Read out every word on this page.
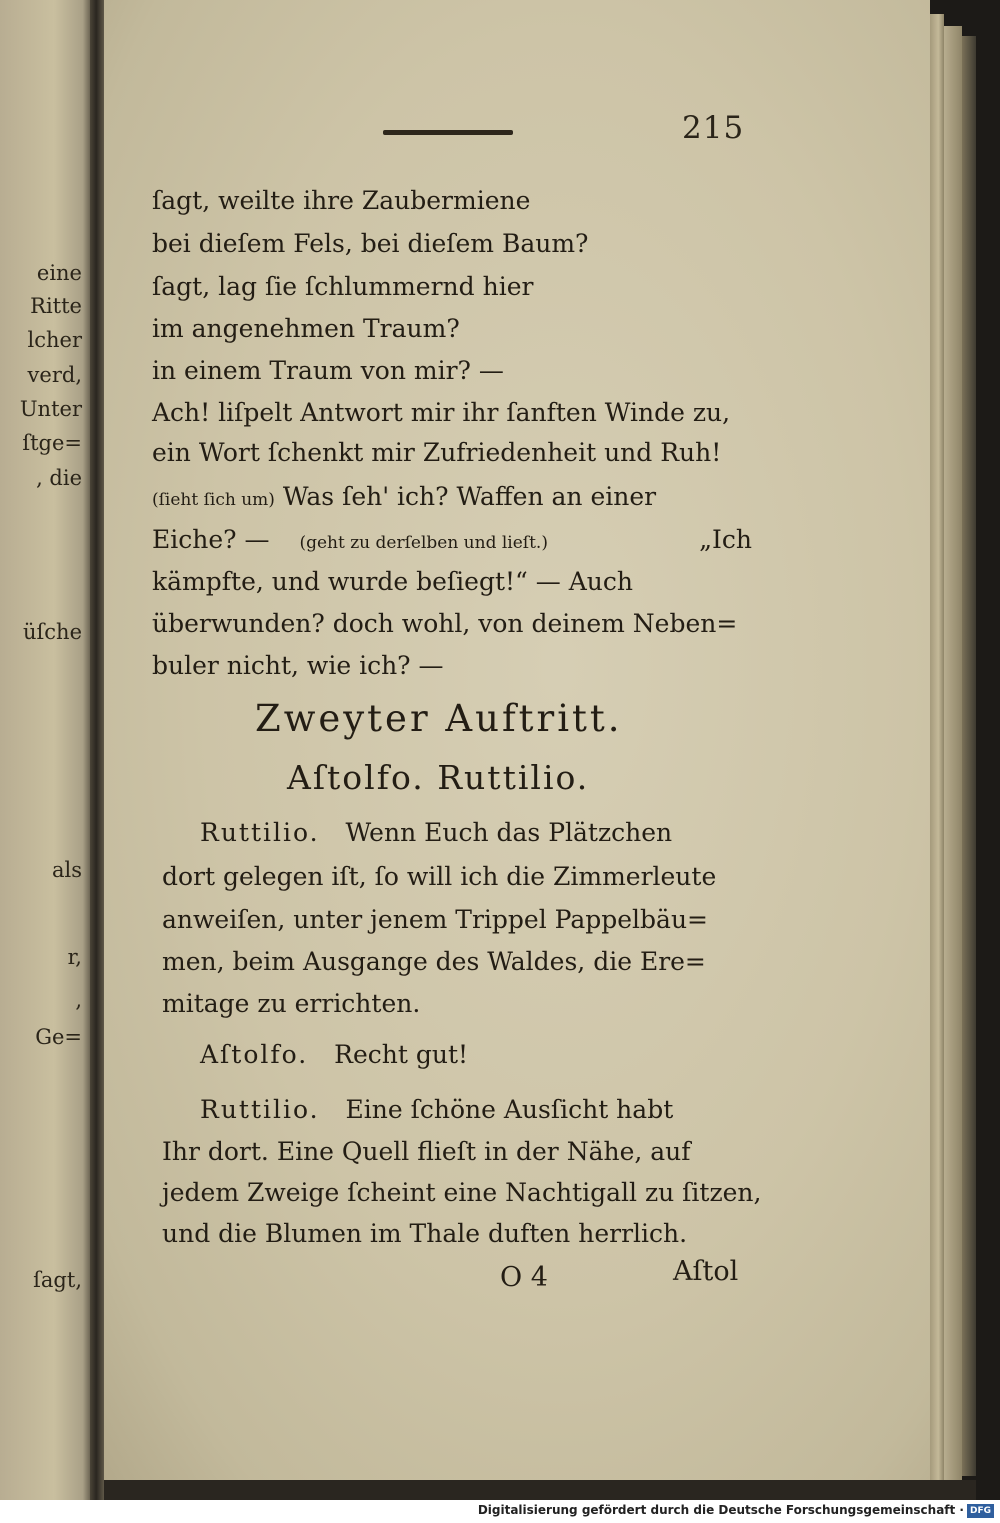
eine
Ritte
lcher
verd,
Unter
ſtge=
, die
üſche
als
r,
,
Ge=
ſagt,
215
ſagt, weilte ihre Zaubermiene
bei dieſem Fels, bei dieſem Baum?
ſagt, lag ſie ſchlummernd hier
im angenehmen Traum?
in einem Traum von mir? —
Ach! liſpelt Antwort mir ihr ſanften Winde zu,
ein Wort ſchenkt mir Zufriedenheit und Ruh!
(ſieht ſich um) Was ſeh' ich? Waffen an einer
Eiche? — (geht zu derſelben und lieſt.)	„Ich
kämpfte, und wurde beſiegt!“ — Auch
überwunden? doch wohl, von deinem Neben=
buler nicht, wie ich? —
Zweyter Auftritt.
Aſtolfo. Ruttilio.
Ruttilio. Wenn Euch das Plätzchen
dort gelegen iſt, ſo will ich die Zimmerleute
anweiſen, unter jenem Trippel Pappelbäu=
men, beim Ausgange des Waldes, die Ere=
mitage zu errichten.
Aſtolfo. Recht gut!
Ruttilio. Eine ſchöne Ausſicht habt
Ihr dort. Eine Quell flieſt in der Nähe, auf
jedem Zweige ſcheint eine Nachtigall zu ſitzen,
und die Blumen im Thale duften herrlich.
O 4	Aſtol
Digitalisierung gefördert durch die Deutsche Forschungsgemeinschaft · DFG
